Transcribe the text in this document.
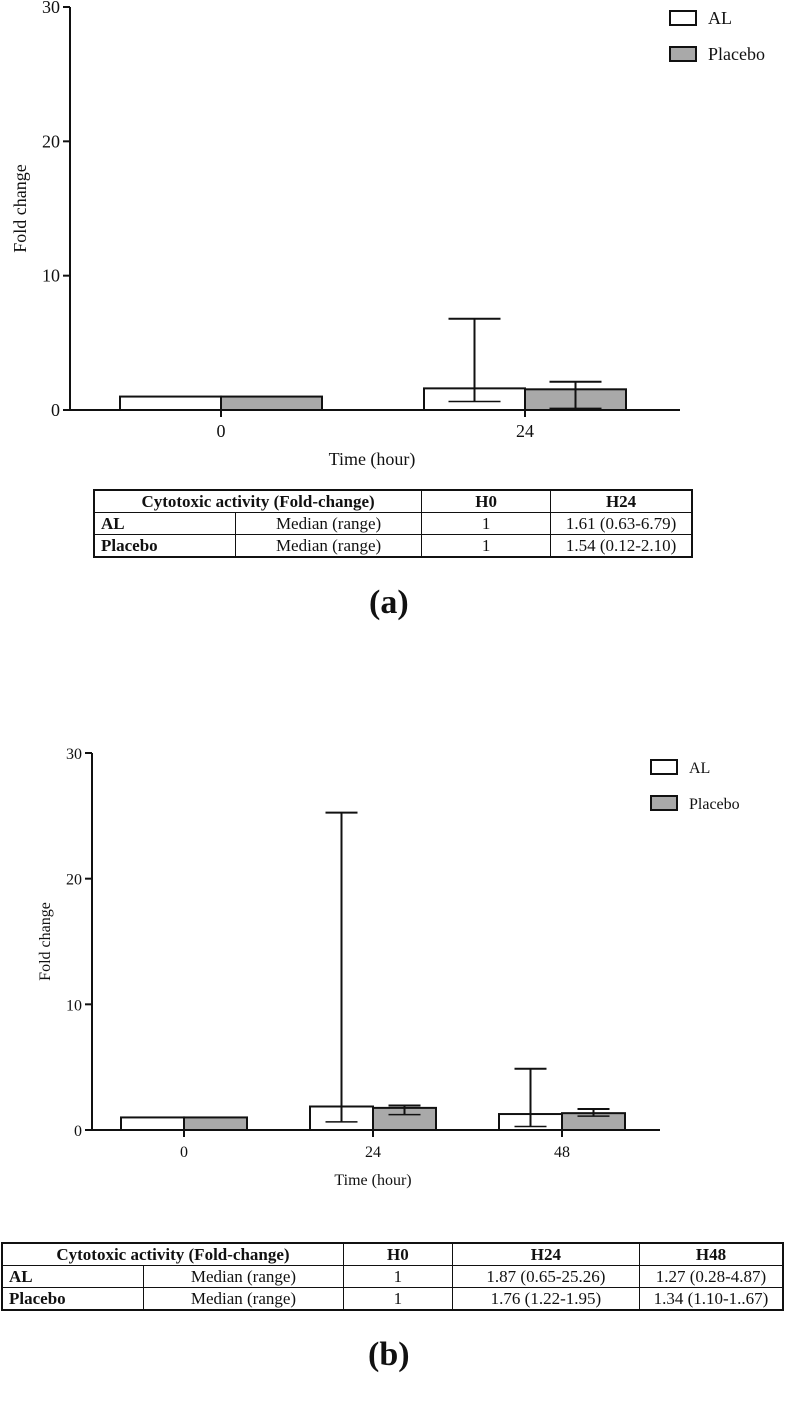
0
10
20
30
Fold change
0	24
Time (hour)
AL
Placebo
Cytotoxic activity (Fold-change)		H0	H24
AL	Median (range)	1	1.61 (0.63-6.79)
Placebo	Median (range)	1	1.54 (0.12-2.10)
(a)
0
10
20
30
Fold change
0	24	48
Time (hour)
AL
Placebo
Cytotoxic activity (Fold-change)		H0	H24	H48
AL	Median (range)	1	1.87 (0.65-25.26)	1.27 (0.28-4.87)
Placebo	Median (range)	1	1.76 (1.22-1.95)	1.34 (1.10-1..67)
(b)
